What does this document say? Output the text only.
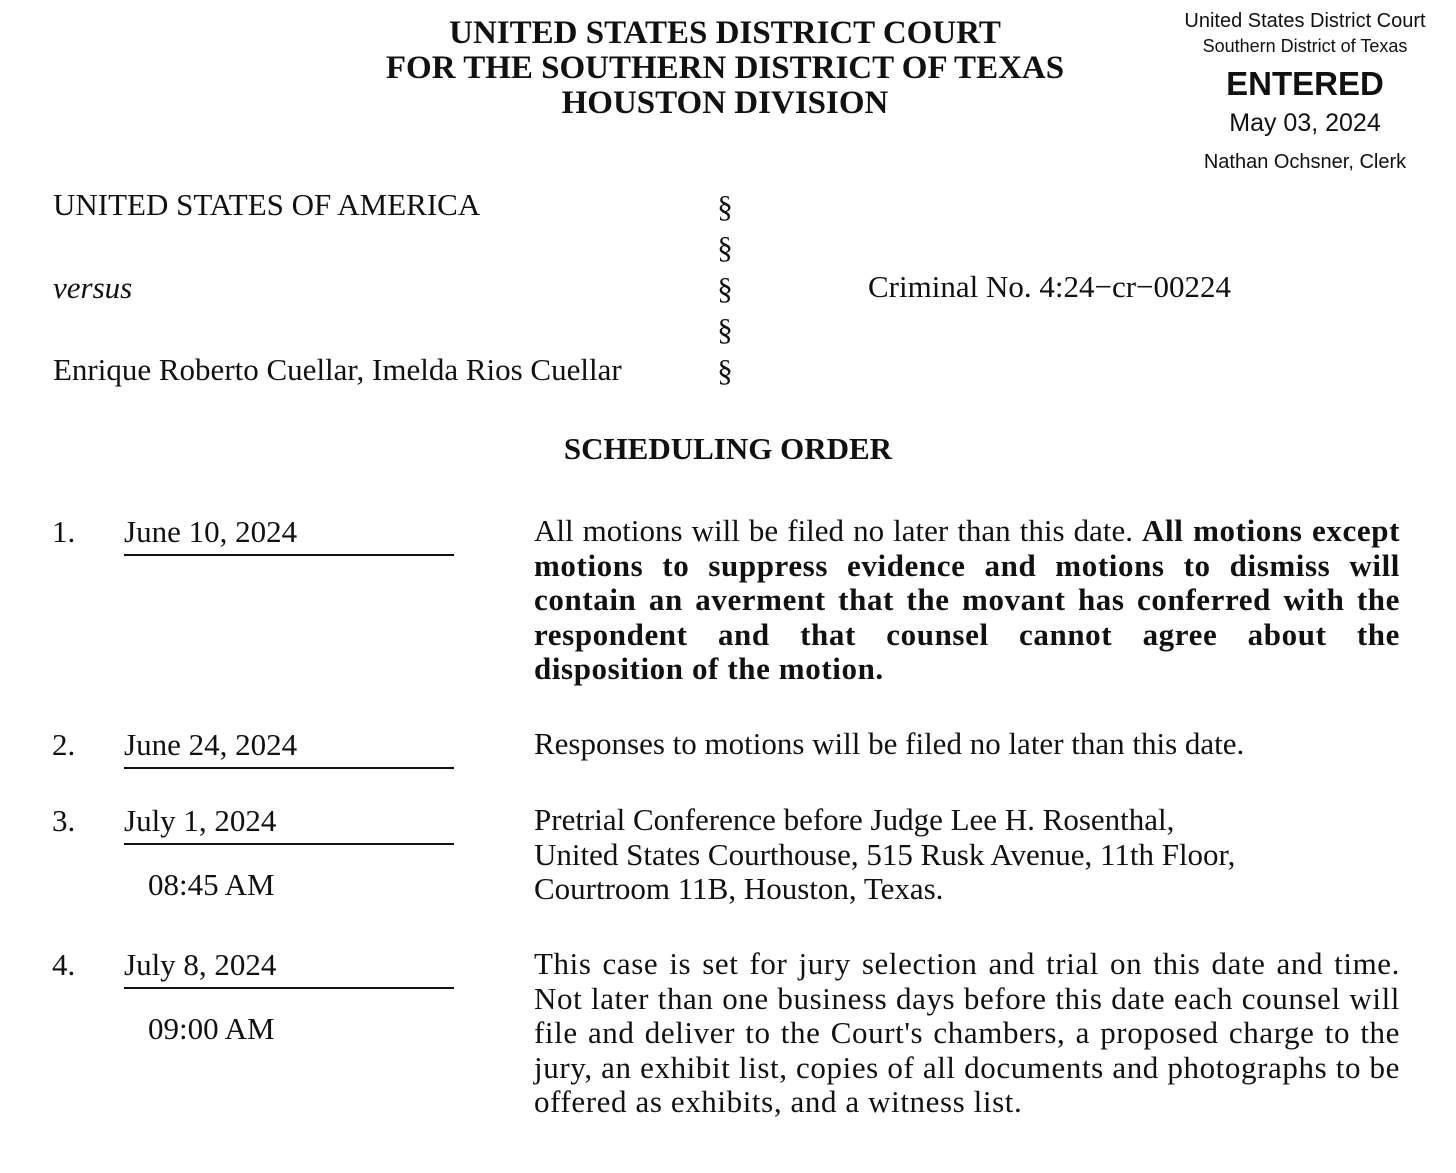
UNITED STATES DISTRICT COURT
FOR THE SOUTHERN DISTRICT OF TEXAS
HOUSTON DIVISION
United States District Court
Southern District of Texas
ENTERED
May 03, 2024
Nathan Ochsner, Clerk
UNITED STATES OF AMERICA
versus
Enrique Roberto Cuellar, Imelda Rios Cuellar
§
§
§
§
§
Criminal No. 4:24−cr−00224
SCHEDULING ORDER
1. June 10, 2024	All motions will be filed no later than this date. All motions except motions to suppress evidence and motions to dismiss will contain an averment that the movant has conferred with the respondent and that counsel cannot agree about the disposition of the motion.
2. June 24, 2024	Responses to motions will be filed no later than this date.
3. July 1, 2024
08:45 AM
Pretrial Conference before Judge Lee H. Rosenthal,
United States Courthouse, 515 Rusk Avenue, 11th Floor,
Courtroom 11B, Houston, Texas.
4. July 8, 2024
09:00 AM
This case is set for jury selection and trial on this date and time. Not later than one business days before this date each counsel will file and deliver to the Court's chambers, a proposed charge to the jury, an exhibit list, copies of all documents and photographs to be offered as exhibits, and a witness list.
